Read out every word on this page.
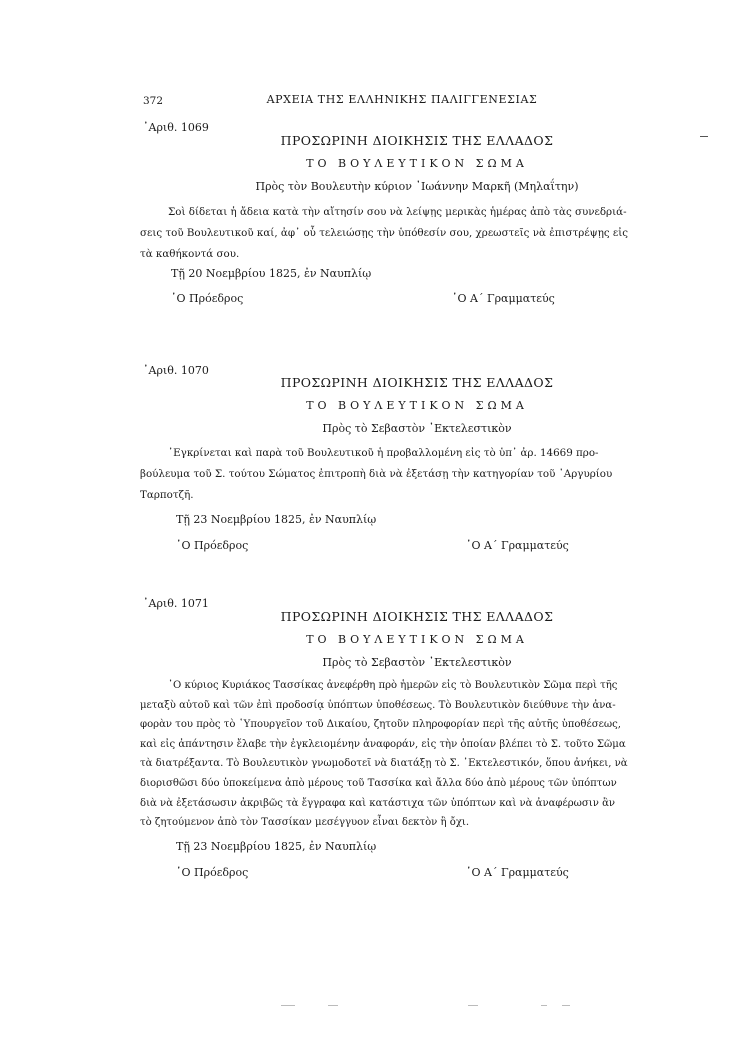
372	ΑΡΧΕΙΑ ΤΗΣ ΕΛΛΗΝΙΚΗΣ ΠΑΛΙΓΓΕΝΕΣΙΑΣ
᾿Αριθ. 1069
ΠΡΟΣΩΡΙΝΗ ΔΙΟΙΚΗΣΙΣ ΤΗΣ ΕΛΛΑΔΟΣ
ΤΟ ΒΟΥΛΕΥΤΙΚΟΝ ΣΩΜΑ
Πρὸς τὸν Βουλευτὴν κύριον ᾿Ιωάννην Μαρκῆ (Μηλαΐτην)
Σοὶ δίδεται ἡ ἄδεια κατὰ τὴν αἴτησίν σου νὰ λείψῃς μερικὰς ἡμέρας ἀπὸ τὰς συνεδριά-
σεις τοῦ Βουλευτικοῦ καί, ἀφ᾿ οὗ τελειώσῃς τὴν ὑπόθεσίν σου, χρεωστεῖς νὰ ἐπιστρέψῃς εἰς
τὰ καθήκοντά σου.
Τῇ 20 Νοεμβρίου 1825, ἐν Ναυπλίῳ
῾Ο Πρόεδρος	῾Ο Α΄ Γραμματεύς
᾿Αριθ. 1070
ΠΡΟΣΩΡΙΝΗ ΔΙΟΙΚΗΣΙΣ ΤΗΣ ΕΛΛΑΔΟΣ
ΤΟ ΒΟΥΛΕΥΤΙΚΟΝ ΣΩΜΑ
Πρὸς τὸ Σεβαστὸν ᾿Εκτελεστικὸν
᾿Εγκρίνεται καὶ παρὰ τοῦ Βουλευτικοῦ ἡ προβαλλομένη εἰς τὸ ὑπ᾿ ἀρ. 14669 προ-
βούλευμα τοῦ Σ. τούτου Σώματος ἐπιτροπὴ διὰ νὰ ἐξετάσῃ τὴν κατηγορίαν τοῦ ᾿Αργυρίου
Ταρποτζῆ.
Τῇ 23 Νοεμβρίου 1825, ἐν Ναυπλίῳ
῾Ο Πρόεδρος	῾Ο Α΄ Γραμματεύς
᾿Αριθ. 1071
ΠΡΟΣΩΡΙΝΗ ΔΙΟΙΚΗΣΙΣ ΤΗΣ ΕΛΛΑΔΟΣ
ΤΟ ΒΟΥΛΕΥΤΙΚΟΝ ΣΩΜΑ
Πρὸς τὸ Σεβαστὸν ᾿Εκτελεστικὸν
῾Ο κύριος Κυριάκος Τασσίκας ἀνεφέρθη πρὸ ἡμερῶν εἰς τὸ Βουλευτικὸν Σῶμα περὶ τῆς
μεταξὺ αὐτοῦ καὶ τῶν ἐπὶ προδοσίᾳ ὑπόπτων ὑποθέσεως. Τὸ Βουλευτικὸν διεύθυνε τὴν ἀνα-
φορὰν του πρὸς τὸ ῾Υπουργεῖον τοῦ Δικαίου, ζητοῦν πληροφορίαν περὶ τῆς αὐτῆς ὑποθέσεως,
καὶ εἰς ἀπάντησιν ἔλαβε τὴν ἐγκλειομένην ἀναφοράν, εἰς τὴν ὁποίαν βλέπει τὸ Σ. τοῦτο Σῶμα
τὰ διατρέξαντα. Τὸ Βουλευτικὸν γνωμοδοτεῖ νὰ διατάξῃ τὸ Σ. ᾿Εκτελεστικόν, ὅπου ἀνήκει, νὰ
διορισθῶσι δύο ὑποκείμενα ἀπὸ μέρους τοῦ Τασσίκα καὶ ἄλλα δύο ἀπὸ μέρους τῶν ὑπόπτων
διὰ νὰ ἐξετάσωσιν ἀκριβῶς τὰ ἔγγραφα καὶ κατάστιχα τῶν ὑπόπτων καὶ νὰ ἀναφέρωσιν ἂν
τὸ ζητούμενον ἀπὸ τὸν Τασσίκαν μεσέγγυον εἶναι δεκτὸν ἢ ὄχι.
Τῇ 23 Νοεμβρίου 1825, ἐν Ναυπλίῳ
῾Ο Πρόεδρος	῾Ο Α΄ Γραμματεύς
